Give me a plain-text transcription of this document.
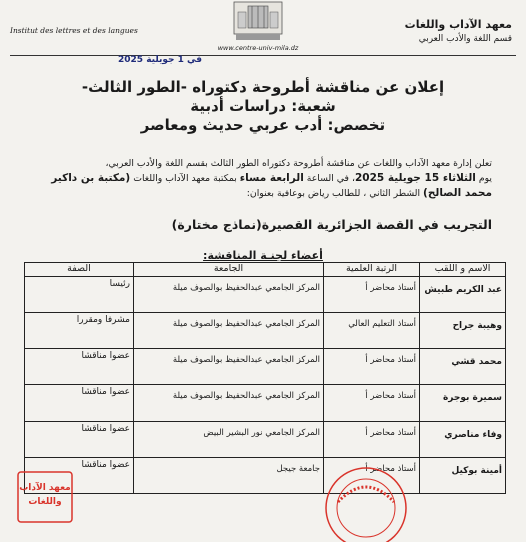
معهد الآداب واللغات
قسم اللغة والأدب العربي
Institut des lettres et des langues
www.centre-univ-mila.dz
في 1 جويلية 2025
إعلان عن مناقشة أطروحة دكتوراه -الطور الثالث-
شعبة: دراسات أدبية
تخصص: أدب عربي حديث ومعاصر
تعلن إدارة معهد الآداب واللغات عن مناقشة أطروحة دكتوراه الطور الثالث بقسم اللغة والأدب العربي،
يوم الثلاثاء 15 جويلية 2025، في الساعة الرابعة مساء بمكتبة معهد الآداب واللغات (مكتبة بن داكير
محمد الصالح) الشطر الثاني ، للطالب رياض بوعافية بعنوان:
التجريب في القصة الجزائرية القصيرة(نماذج مختارة)
أعضاء لجنـة المناقشة:
الاسم و اللقب	الرتبة العلمية	الجامعة	الصفة
عبد الكريم طبيش	أستاذ محاضر أ	المركز الجامعي عبدالحفيظ بوالصوف ميلة	رئيسا
وهيبة جراح	أستاذ التعليم العالي	المركز الجامعي عبدالحفيظ بوالصوف ميلة	مشرفا ومقررا
محمد قشي	أستاذ محاضر أ	المركز الجامعي عبدالحفيظ بوالصوف ميلة	عضوا مناقشا
سميرة بوجرة	أستاذ محاضر أ	المركز الجامعي عبدالحفيظ بوالصوف ميلة	عضوا مناقشا
وفاء مناصري	أستاذ محاضر أ	المركز الجامعي نور البشير البيض	عضوا مناقشا
أمينة بوكيل	أستاذ محاضر أ	جامعة جيجل	عضوا مناقشا
معهد الآداب
واللغات
